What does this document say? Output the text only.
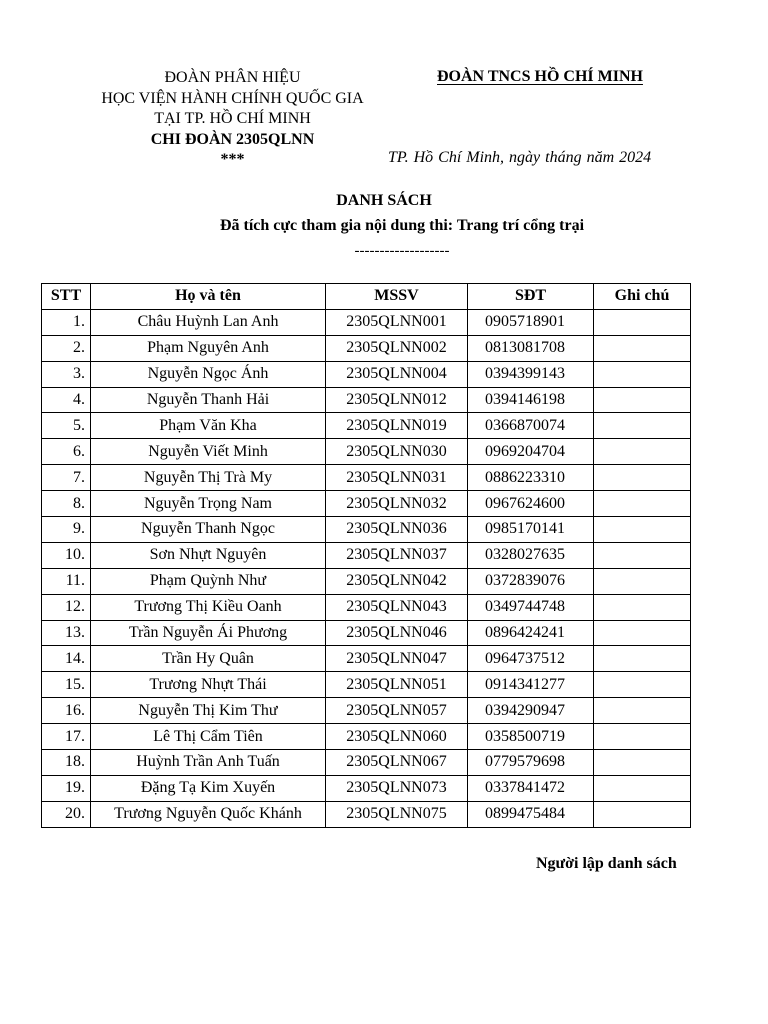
ĐOÀN PHÂN HIỆU
HỌC VIỆN HÀNH CHÍNH QUỐC GIA
TẠI TP. HỒ CHÍ MINH
CHI ĐOÀN 2305QLNN
***
ĐOÀN TNCS HỒ CHÍ MINH
TP. Hồ Chí Minh, ngày tháng năm 2024
DANH SÁCH
Đã tích cực tham gia nội dung thi: Trang trí cổng trại
-------------------
STT	Họ và tên	MSSV	SĐT	Ghi chú
1.	Châu Huỳnh Lan Anh	2305QLNN001	0905718901	
2.	Phạm Nguyên Anh	2305QLNN002	0813081708	
3.	Nguyễn Ngọc Ánh	2305QLNN004	0394399143	
4.	Nguyễn Thanh Hải	2305QLNN012	0394146198	
5.	Phạm Văn Kha	2305QLNN019	0366870074	
6.	Nguyễn Viết Minh	2305QLNN030	0969204704	
7.	Nguyễn Thị Trà My	2305QLNN031	0886223310	
8.	Nguyễn Trọng Nam	2305QLNN032	0967624600	
9.	Nguyễn Thanh Ngọc	2305QLNN036	0985170141	
10.	Sơn Nhựt Nguyên	2305QLNN037	0328027635	
11.	Phạm Quỳnh Như	2305QLNN042	0372839076	
12.	Trương Thị Kiều Oanh	2305QLNN043	0349744748	
13.	Trần Nguyễn Ái Phương	2305QLNN046	0896424241	
14.	Trần Hy Quân	2305QLNN047	0964737512	
15.	Trương Nhựt Thái	2305QLNN051	0914341277	
16.	Nguyễn Thị Kim Thư	2305QLNN057	0394290947	
17.	Lê Thị Cẩm Tiên	2305QLNN060	0358500719	
18.	Huỳnh Trần Anh Tuấn	2305QLNN067	0779579698	
19.	Đặng Tạ Kim Xuyến	2305QLNN073	0337841472	
20.	Trương Nguyễn Quốc Khánh	2305QLNN075	0899475484	
Người lập danh sách
